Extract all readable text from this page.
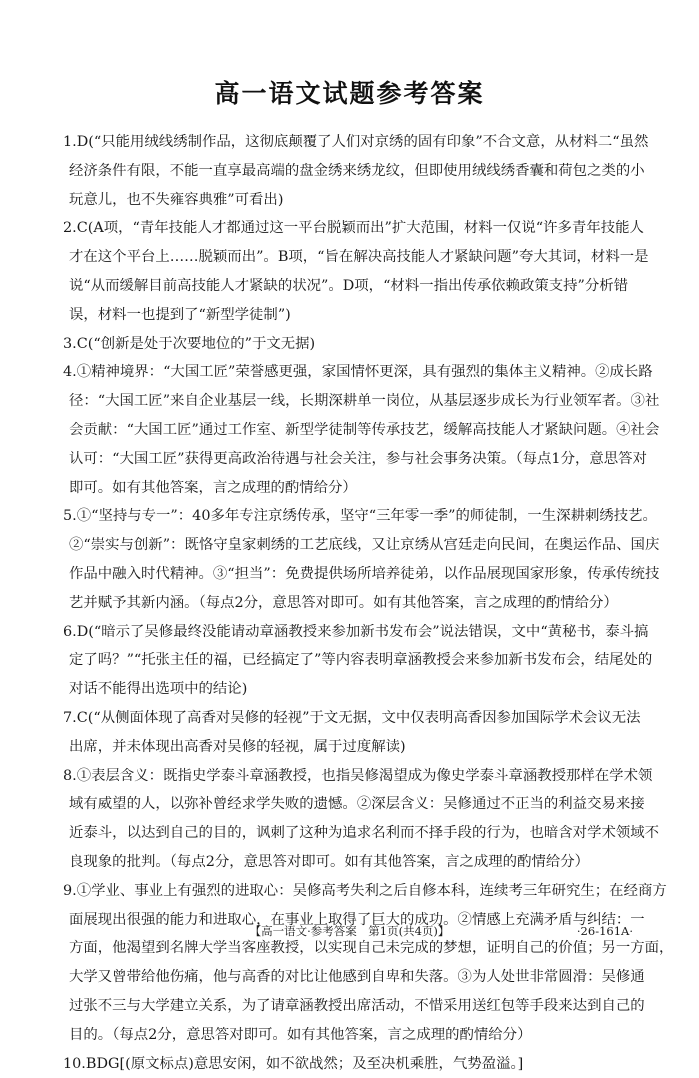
高一语文试题参考答案
1.D(“只能用绒线绣制作品，这彻底颠覆了人们对京绣的固有印象”不合文意，从材料二“虽然
经济条件有限，不能一直享最高端的盘金绣来绣龙纹，但即使用绒线绣香囊和荷包之类的小
玩意儿，也不失雍容典雅”可看出)
2.C(A项，“青年技能人才都通过这一平台脱颖而出”扩大范围，材料一仅说“许多青年技能人
才在这个平台上……脱颖而出”。B项，“旨在解决高技能人才紧缺问题”夸大其词，材料一是
说“从而缓解目前高技能人才紧缺的状况”。D项，“材料一指出传承依赖政策支持”分析错
误，材料一也提到了“新型学徒制”)
3.C(“创新是处于次要地位的”于文无据)
4.①精神境界：“大国工匠”荣誉感更强，家国情怀更深，具有强烈的集体主义精神。②成长路
径：“大国工匠”来自企业基层一线，长期深耕单一岗位，从基层逐步成长为行业领军者。③社
会贡献：“大国工匠”通过工作室、新型学徒制等传承技艺，缓解高技能人才紧缺问题。④社会
认可：“大国工匠”获得更高政治待遇与社会关注，参与社会事务决策。（每点1分，意思答对
即可。如有其他答案，言之成理的酌情给分）
5.①“坚持与专一”：40多年专注京绣传承，坚守“三年零一季”的师徒制，一生深耕刺绣技艺。
②“崇实与创新”：既恪守皇家刺绣的工艺底线，又让京绣从宫廷走向民间，在奥运作品、国庆
作品中融入时代精神。③“担当”：免费提供场所培养徒弟，以作品展现国家形象，传承传统技
艺并赋予其新内涵。（每点2分，意思答对即可。如有其他答案，言之成理的酌情给分）
6.D(“暗示了吴修最终没能请动章涵教授来参加新书发布会”说法错误，文中“黄秘书，泰斗搞
定了吗？”“托张主任的福，已经搞定了”等内容表明章涵教授会来参加新书发布会，结尾处的
对话不能得出选项中的结论)
7.C(“从侧面体现了高香对吴修的轻视”于文无据，文中仅表明高香因参加国际学术会议无法
出席，并未体现出高香对吴修的轻视，属于过度解读)
8.①表层含义：既指史学泰斗章涵教授，也指吴修渴望成为像史学泰斗章涵教授那样在学术领
域有威望的人，以弥补曾经求学失败的遗憾。②深层含义：吴修通过不正当的利益交易来接
近泰斗，以达到自己的目的，讽刺了这种为追求名利而不择手段的行为，也暗含对学术领域不
良现象的批判。（每点2分，意思答对即可。如有其他答案，言之成理的酌情给分）
9.①学业、事业上有强烈的进取心：吴修高考失利之后自修本科，连续考三年研究生；在经商方
面展现出很强的能力和进取心，在事业上取得了巨大的成功。②情感上充满矛盾与纠结：一
方面，他渴望到名牌大学当客座教授，以实现自己未完成的梦想，证明自己的价值；另一方面，
大学又曾带给他伤痛，他与高香的对比让他感到自卑和失落。③为人处世非常圆滑：吴修通
过张不三与大学建立关系，为了请章涵教授出席活动，不惜采用送红包等手段来达到自己的
目的。（每点2分，意思答对即可。如有其他答案，言之成理的酌情给分）
10.BDG[(原文标点)意思安闲，如不欲战然；及至决机乘胜，气势盈溢。]
【高一语文·参考答案　第1页(共4页)】	·26-161A·
